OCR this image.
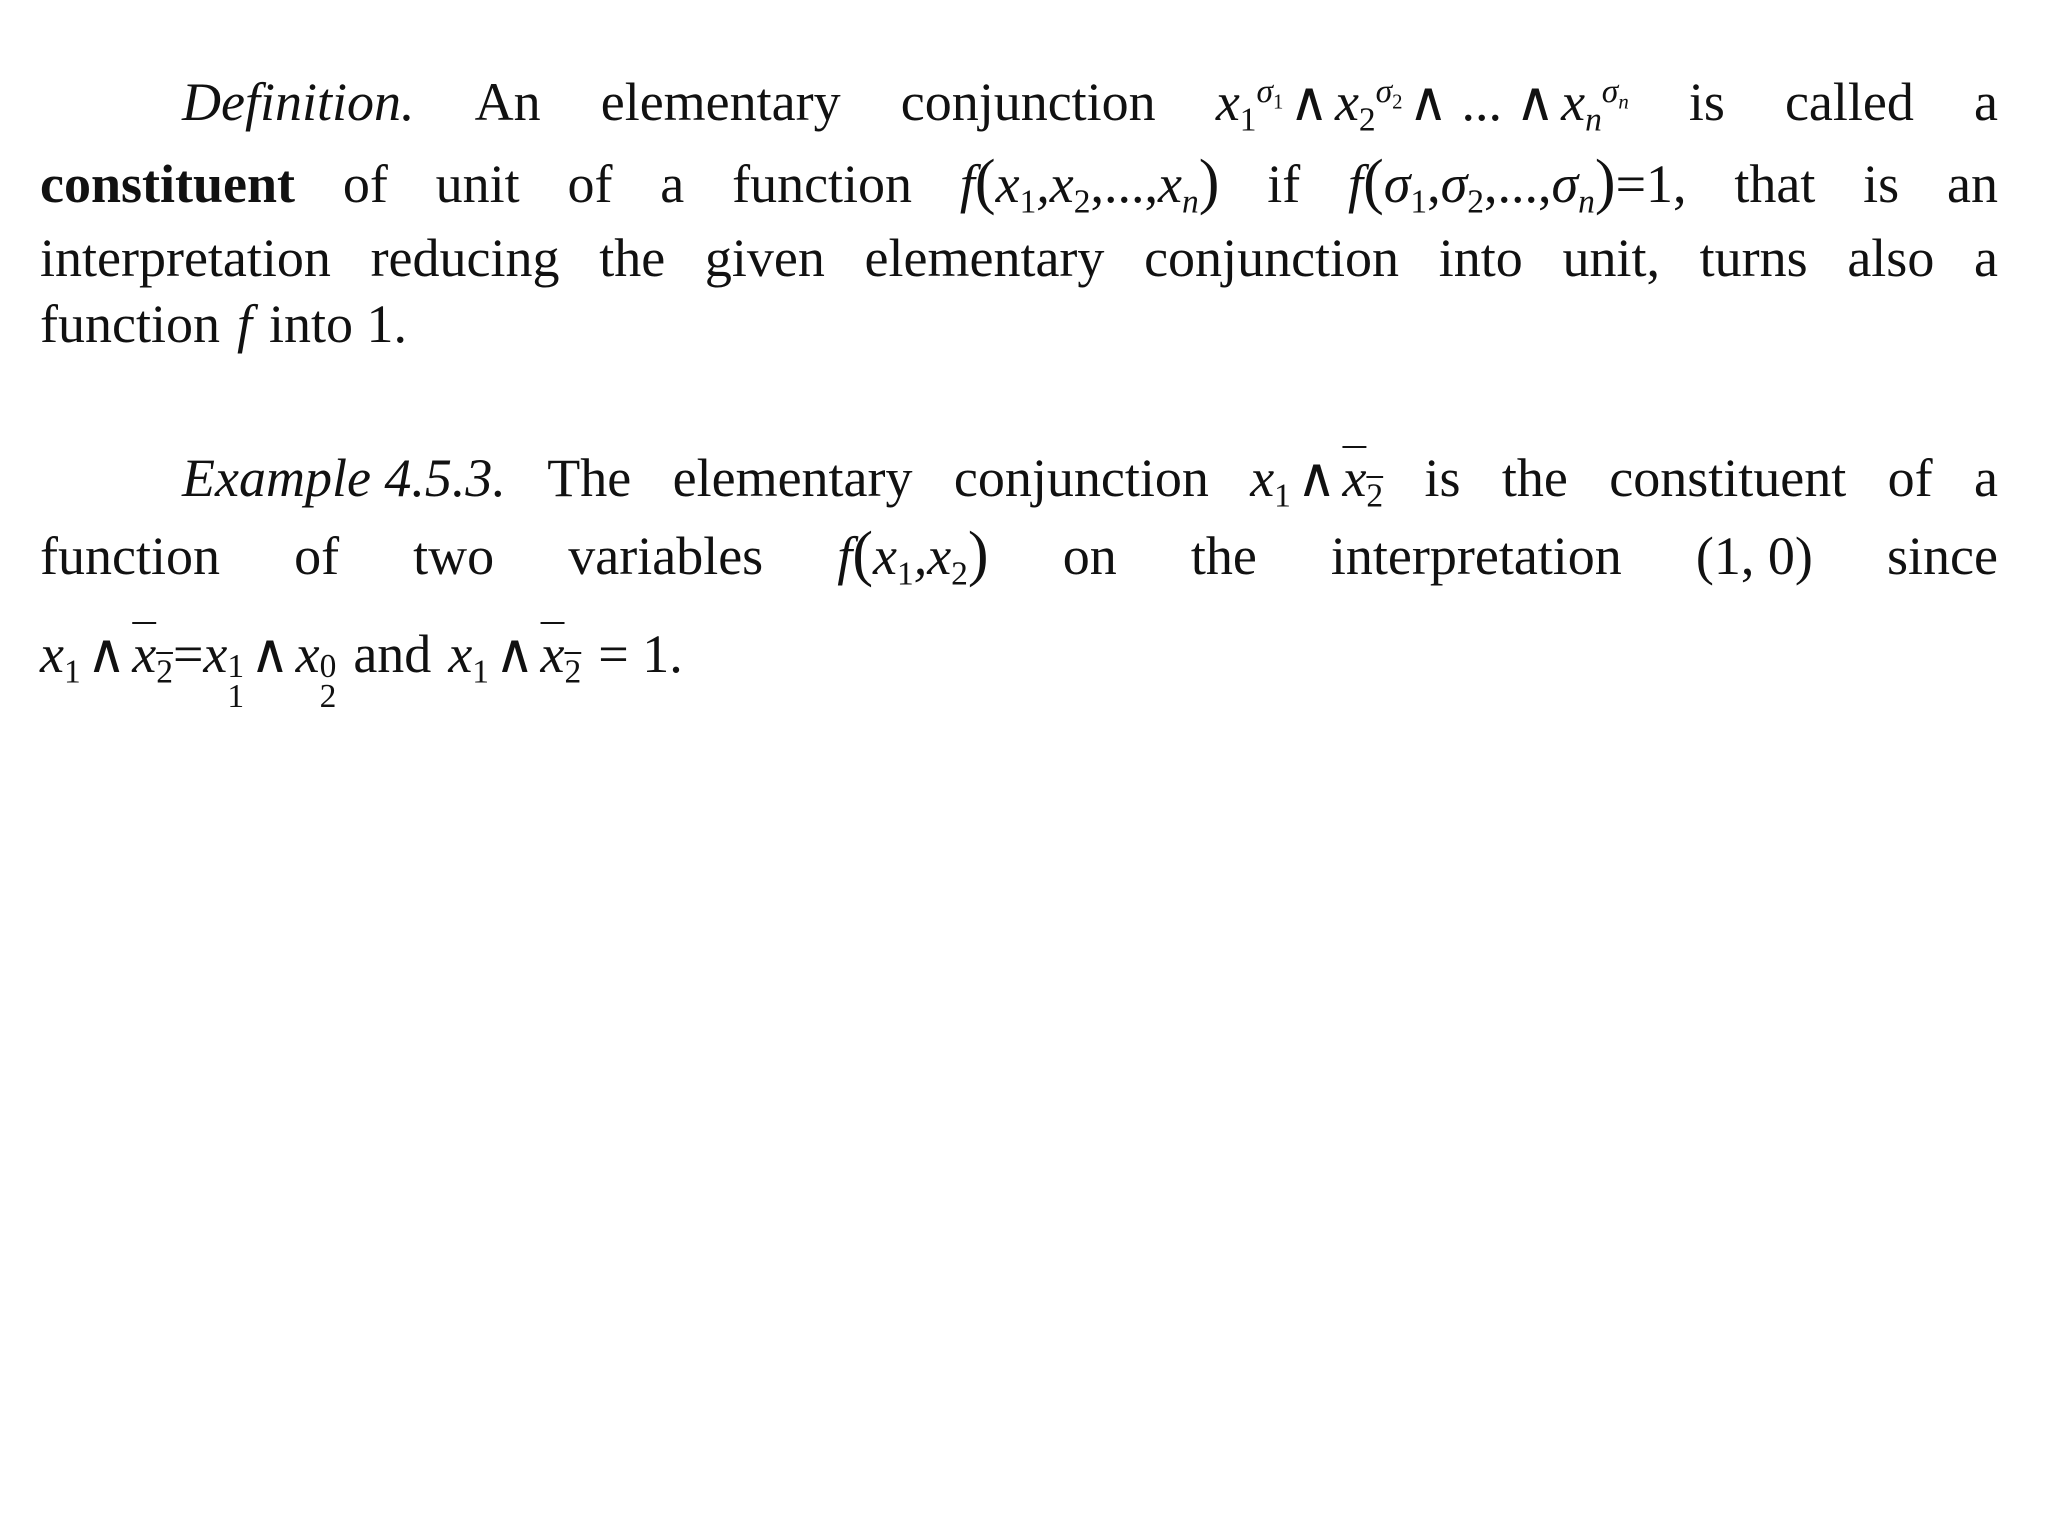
Definition. An elementary conjunction $x_1^{\sigma_1}$ ∧ $x_2^{\sigma_2}$ ∧ ... ∧ $x_n^{\sigma_n}$ is called a
constituent of unit of a function $f(x_1,x_2,...,x_n)$ if $f(\sigma_1,\sigma_2,...,\sigma_n)=1$, that is an
interpretation reducing the given elementary conjunction into unit, turns also a
function f into 1.
Example 4.5.3. The elementary conjunction $x_1$ ∧ $x_2$ is the constituent of a
function of two variables $f(x_1,x_2)$ on the interpretation (1, 0) since
$x_1$ ∧ $x_2=x$ 1
1
∧ x 0
2
and $x_1$ ∧ $x_2 = 1$.
